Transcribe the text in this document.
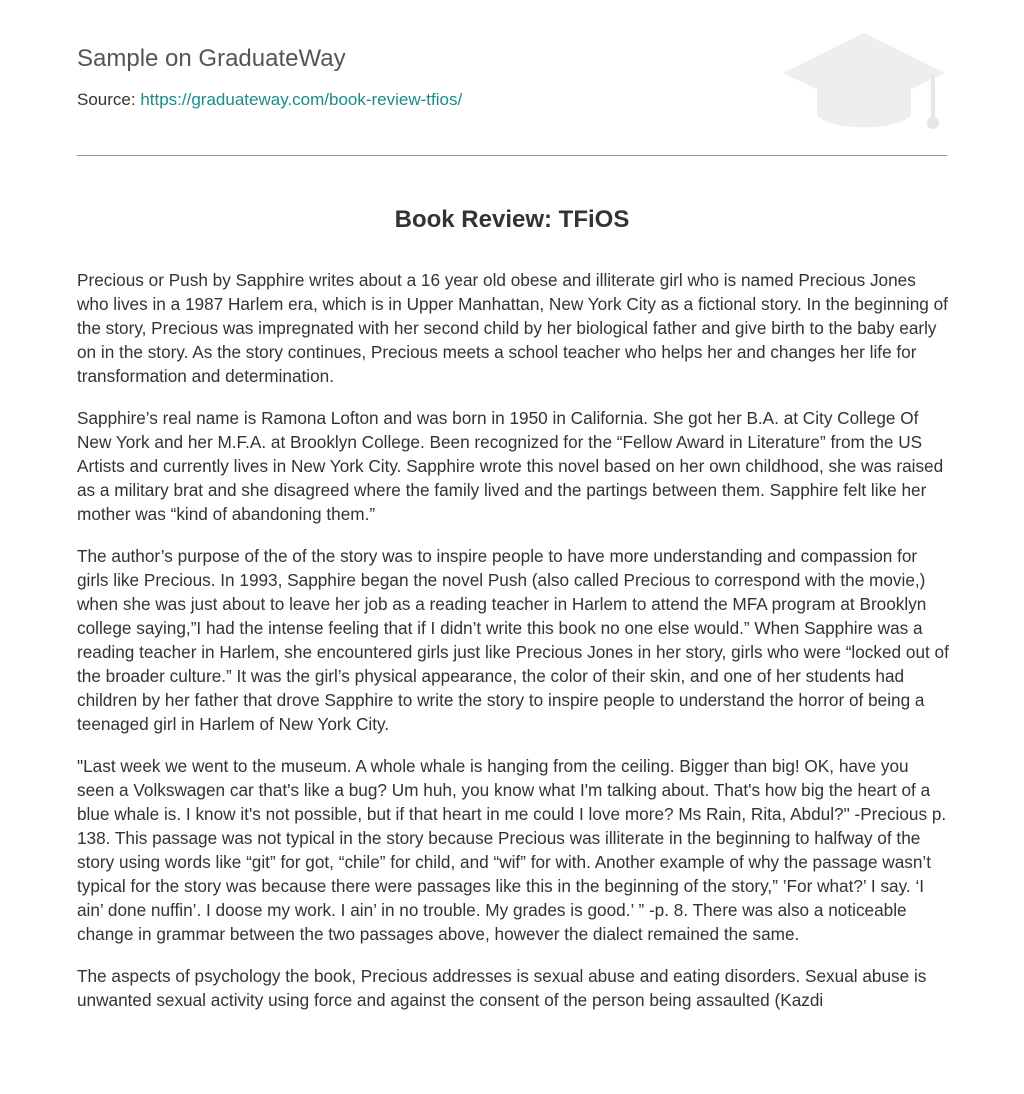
Sample on GraduateWay
Source: https://graduateway.com/book-review-tfios/
Book Review: TFiOS

Precious or Push by Sapphire writes about a 16 year old obese and illiterate girl who is named Precious Jones who lives in a 1987 Harlem era, which is in Upper Manhattan, New York City as a fictional story. In the beginning of the story, Precious was impregnated with her second child by her biological father and give birth to the baby early on in the story. As the story continues, Precious meets a school teacher who helps her and changes her life for transformation and determination.

Sapphire’s real name is Ramona Lofton and was born in 1950 in California. She got her B.A. at City College Of New York and her M.F.A. at Brooklyn College. Been recognized for the “Fellow Award in Literature” from the US Artists and currently lives in New York City. Sapphire wrote this novel based on her own childhood, she was raised as a military brat and she disagreed where the family lived and the partings between them. Sapphire felt like her mother was “kind of abandoning them.”

The author’s purpose of the of the story was to inspire people to have more understanding and compassion for girls like Precious. In 1993, Sapphire began the novel Push (also called Precious to correspond with the movie,) when she was just about to leave her job as a reading teacher in Harlem to attend the MFA program at Brooklyn college saying,”I had the intense feeling that if I didn’t write this book no one else would.” When Sapphire was a reading teacher in Harlem, she encountered girls just like Precious Jones in her story, girls who were “locked out of the broader culture.” It was the girl’s physical appearance, the color of their skin, and one of her students had children by her father that drove Sapphire to write the story to inspire people to understand the horror of being a teenaged girl in Harlem of New York City.

"Last week we went to the museum. A whole whale is hanging from the ceiling. Bigger than big! OK, have you seen a Volkswagen car that's like a bug? Um huh, you know what I'm talking about. That's how big the heart of a blue whale is. I know it's not possible, but if that heart in me could I love more? Ms Rain, Rita, Abdul?" -Precious p. 138. This passage was not typical in the story because Precious was illiterate in the beginning to halfway of the story using words like “git” for got, “chile” for child, and “wif” for with. Another example of why the passage wasn’t typical for the story was because there were passages like this in the beginning of the story,” ’For what?’ I say. ‘I ain’ done nuffin’. I doose my work. I ain’ in no trouble. My grades is good.’ ” -p. 8. There was also a noticeable change in grammar between the two passages above, however the dialect remained the same.

The aspects of psychology the book, Precious addresses is sexual abuse and eating disorders. Sexual abuse is unwanted sexual activity using force and against the consent of the person being assaulted (Kazdi
